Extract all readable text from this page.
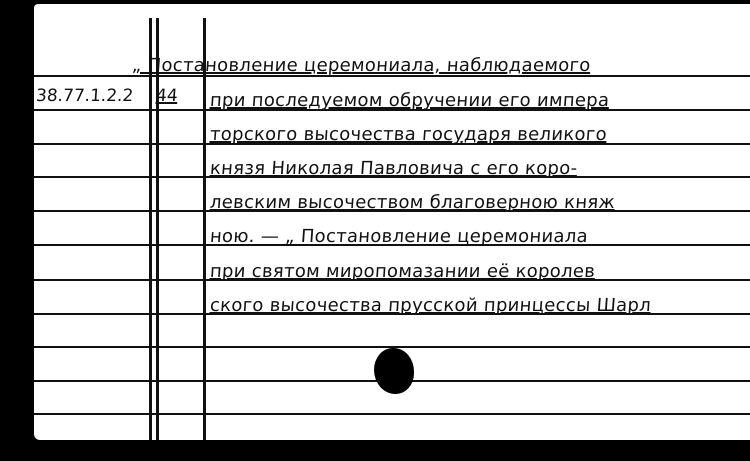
38.77.1.2.2 44
„ Постановление церемониала, наблюдаемого
при последуемом обручении его импера
торского высочества государя великого
князя Николая Павловича с его коро-
левским высочеством благоверною княж
ною. — „ Постановление церемониала
при святом миропомазании её королев
ского высочества прусской принцессы Шарл
